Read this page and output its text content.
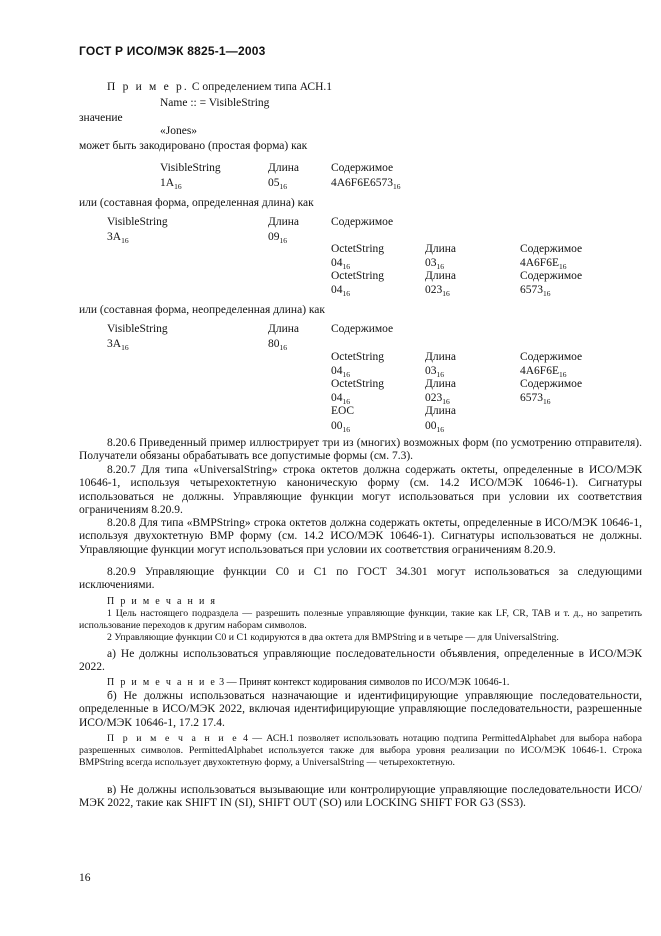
ГОСТ Р ИСО/МЭК 8825-1—2003
П р и м е р. С определением типа АСН.1
Name :: = VisibleString
значение
«Jones»
может быть закодировано (простая форма) как
VisibleString	Длина	Содержимое
$1A_{16}$	$05_{16}$	$4A6F6E6573_{16}$
или (составная форма, определенная длина) как
VisibleString	Длина	Содержимое
$3A_{16}$	$09_{16}$
OctetString	Длина	Содержимое
$04_{16}$	$03_{16}$	$4A6F6E_{16}$
OctetString	Длина	Содержимое
$04_{16}$	$023_{16}$	$6573_{16}$
или (составная форма, неопределенная длина) как
VisibleString	Длина	Содержимое
$3A_{16}$	$80_{16}$
OctetString	Длина	Содержимое
$04_{16}$	$03_{16}$	$4A6F6E_{16}$
OctetString	Длина	Содержимое
$04_{16}$	$023_{16}$	$6573_{16}$
EOC	Длина
$00_{16}$	$00_{16}$
8.20.6 Приведенный пример иллюстрирует три из (многих) возможных форм (по усмотрению отправителя). Получатели обязаны обрабатывать все допустимые формы (см. 7.3).
8.20.7 Для типа «UniversalString» строка октетов должна содержать октеты, определенные в ИСО/МЭК 10646-1, используя четырехоктетную каноническую форму (см. 14.2 ИСО/МЭК 10646-1). Сигнатуры использоваться не должны. Управляющие функции могут использоваться при условии их соответствия ограничениям 8.20.9.
8.20.8 Для типа «BMPString» строка октетов должна содержать октеты, определенные в ИСО/МЭК 10646-1, используя двухоктетную BMP форму (см. 14.2 ИСО/МЭК 10646-1). Сигнатуры использоваться не должны. Управляющие функции могут использоваться при условии их соответствия ограничениям 8.20.9.
8.20.9 Управляющие функции С0 и С1 по ГОСТ 34.301 могут использоваться за следующими исключениями.
П р и м е ч а н и я
1 Цель настоящего подраздела — разрешить полезные управляющие функции, такие как LF, CR, TAB и т. д., но запретить использование переходов к другим наборам символов.
2 Управляющие функции С0 и С1 кодируются в два октета для BMPString и в четыре — для UniversalString.
а) Не должны использоваться управляющие последовательности объявления, определенные в ИСО/МЭК 2022.
П р и м е ч а н и е 3 — Принят контекст кодирования символов по ИСО/МЭК 10646-1.
б) Не должны использоваться назначающие и идентифицирующие управляющие последовательности, определенные в ИСО/МЭК 2022, включая идентифицирующие управляющие последовательности, разрешенные ИСО/МЭК 10646-1, 17.2 17.4.
П р и м е ч а н и е 4 — АСН.1 позволяет использовать нотацию подтипа PermittedAlphabet для выбора набора разрешенных символов. PermittedAlphabet используется также для выбора уровня реализации по ИСО/МЭК 10646-1. Строка BMPString всегда использует двухоктетную форму, а UniversalString — четырехоктетную.
в) Не должны использоваться вызывающие или контролирующие управляющие последовательности ИСО/МЭК 2022, такие как SHIFT IN (SI), SHIFT OUT (SO) или LOCKING SHIFT FOR G3 (SS3).
16
